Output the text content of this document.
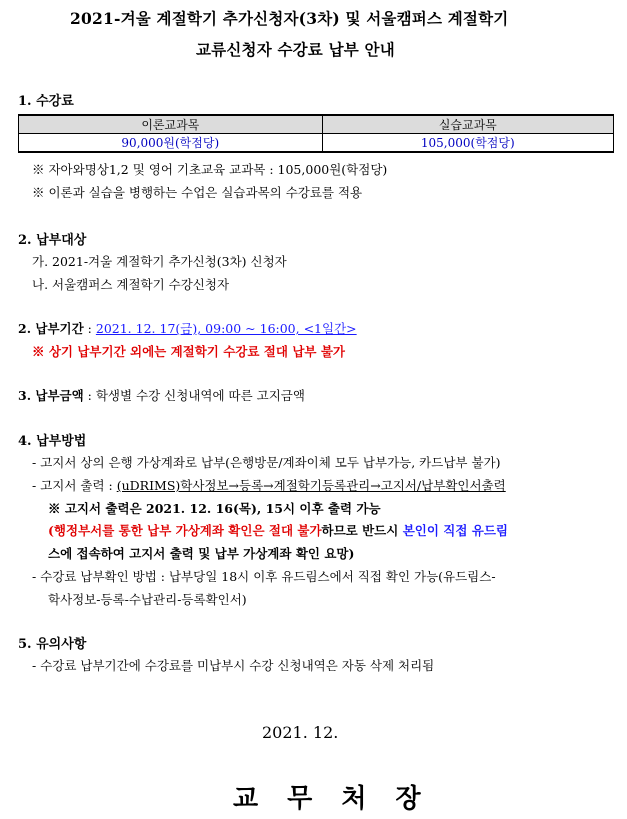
2021-겨울 계절학기 추가신청자(3차) 및 서울캠퍼스 계절학기
교류신청자 수강료 납부 안내
1. 수강료
이론교과목	실습교과목
90,000원(학점당)	105,000(학점당)
※ 자아와명상1,2 및 영어 기초교육 교과목 : 105,000원(학점당)
※ 이론과 실습을 병행하는 수업은 실습과목의 수강료를 적용
2. 납부대상
가. 2021-겨울 계절학기 추가신청(3차) 신청자
나. 서울캠퍼스 계절학기 수강신청자
2. 납부기간 : 2021. 12. 17(금), 09:00 ~ 16:00, <1일간>
※ 상기 납부기간 외에는 계절학기 수강료 절대 납부 불가
3. 납부금액 : 학생별 수강 신청내역에 따른 고지금액
4. 납부방법
- 고지서 상의 은행 가상계좌로 납부(은행방문/계좌이체 모두 납부가능, 카드납부 불가)
- 고지서 출력 : (uDRIMS)학사정보→등록→계절학기등록관리→고지서/납부확인서출력
※ 고지서 출력은 2021. 12. 16(목), 15시 이후 출력 가능
(행정부서를 통한 납부 가상계좌 확인은 절대 불가하므로 반드시 본인이 직접 유드림
스에 접속하여 고지서 출력 및 납부 가상계좌 확인 요망)
- 수강료 납부확인 방법 : 납부당일 18시 이후 유드림스에서 직접 확인 가능(유드림스-
학사정보-등록-수납관리-등록확인서)
5. 유의사항
- 수강료 납부기간에 수강료를 미납부시 수강 신청내역은 자동 삭제 처리됨
2021. 12.
교 무 처 장
